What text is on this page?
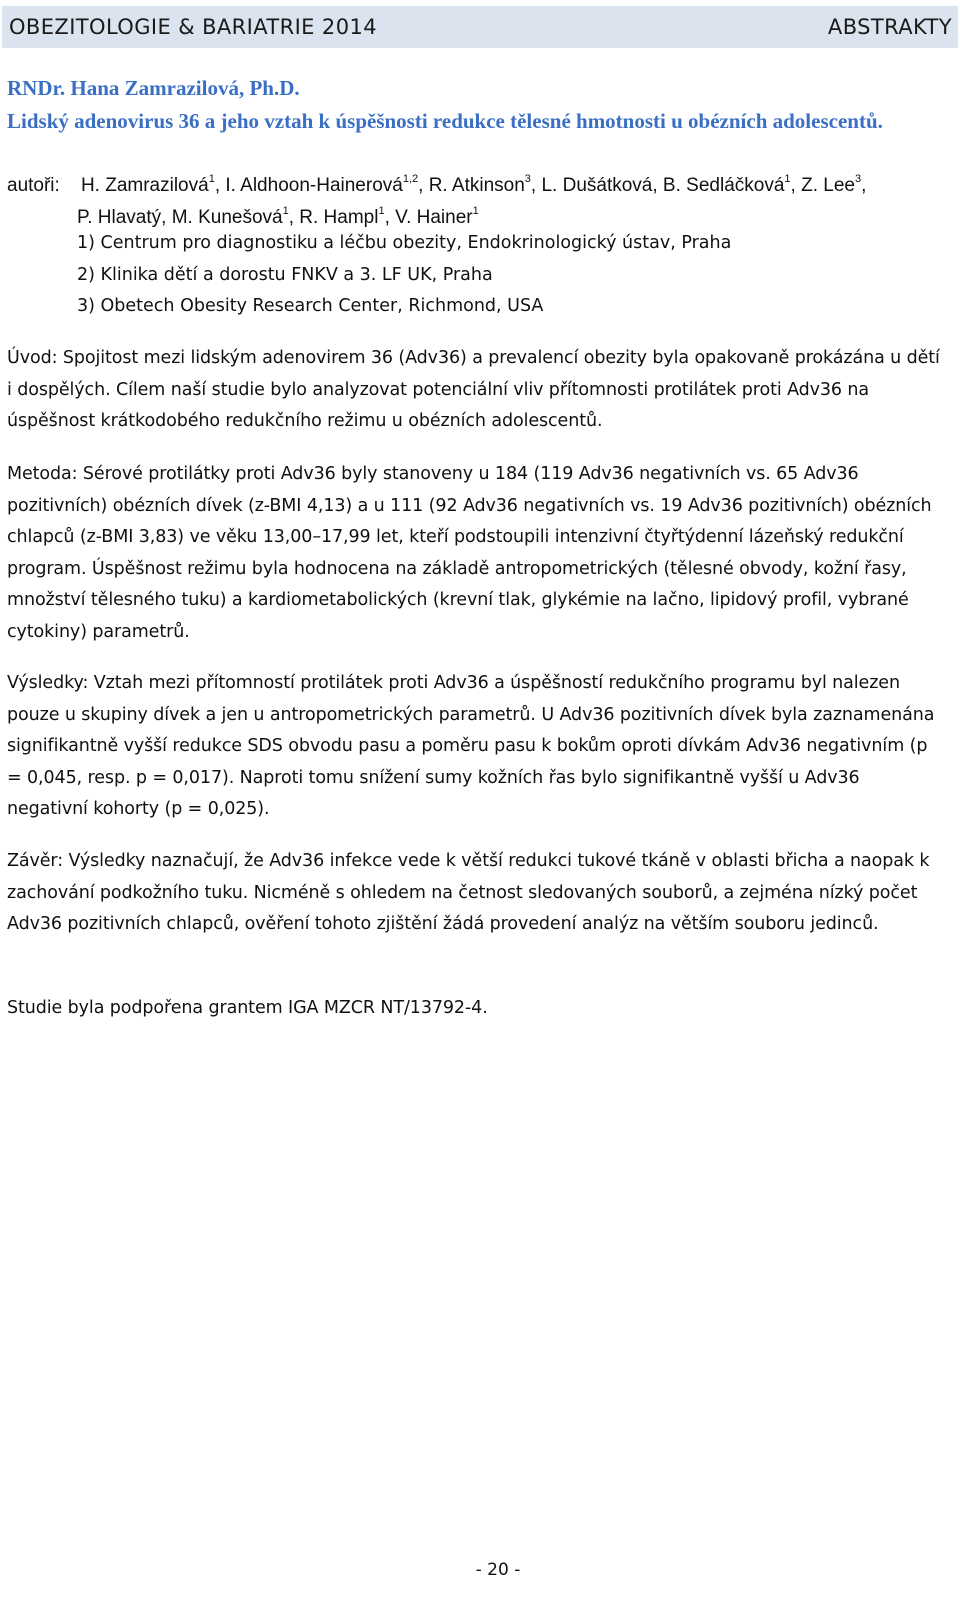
OBEZITOLOGIE & BARIATRIE 2014	ABSTRAKTY
RNDr. Hana Zamrazilová, Ph.D.
Lidský adenovirus 36 a jeho vztah k úspěšnosti redukce tělesné hmotnosti u obézních adolescentů.
autoři: H. Zamrazilová$^1$, I. Aldhoon-Hainerová$^{1,2}$, R. Atkinson$^3$, L. Dušátková, B. Sedláčková$^1$, Z. Lee$^3$,
P. Hlavatý, M. Kunešová$^1$, R. Hampl$^1$, V. Hainer$^1$
1) Centrum pro diagnostiku a léčbu obezity, Endokrinologický ústav, Praha
2) Klinika dětí a dorostu FNKV a 3. LF UK, Praha
3) Obetech Obesity Research Center, Richmond, USA
Úvod: Spojitost mezi lidským adenovirem 36 (Adv36) a prevalencí obezity byla opakovaně prokázána u dětí i dospělých. Cílem naší studie bylo analyzovat potenciální vliv přítomnosti protilátek proti Adv36 na úspěšnost krátkodobého redukčního režimu u obézních adolescentů.
Metoda: Sérové protilátky proti Adv36 byly stanoveny u 184 (119 Adv36 negativních vs. 65 Adv36 pozitivních) obézních dívek (z-BMI 4,13) a u 111 (92 Adv36 negativních vs. 19 Adv36 pozitivních) obézních chlapců (z-BMI 3,83) ve věku 13,00–17,99 let, kteří podstoupili intenzivní čtyřtýdenní lázeňský redukční program. Úspěšnost režimu byla hodnocena na základě antropometrických (tělesné obvody, kožní řasy, množství tělesného tuku) a kardiometabolických (krevní tlak, glykémie na lačno, lipidový profil, vybrané cytokiny) parametrů.
Výsledky: Vztah mezi přítomností protilátek proti Adv36 a úspěšností redukčního programu byl nalezen pouze u skupiny dívek a jen u antropometrických parametrů. U Adv36 pozitivních dívek byla zaznamenána signifikantně vyšší redukce SDS obvodu pasu a poměru pasu k bokům oproti dívkám Adv36 negativním (p = 0,045, resp. p = 0,017). Naproti tomu snížení sumy kožních řas bylo signifikantně vyšší u Adv36 negativní kohorty (p = 0,025).
Závěr: Výsledky naznačují, že Adv36 infekce vede k větší redukci tukové tkáně v oblasti břicha a naopak k zachování podkožního tuku. Nicméně s ohledem na četnost sledovaných souborů, a zejména nízký počet Adv36 pozitivních chlapců, ověření tohoto zjištění žádá provedení analýz na větším souboru jedinců.
Studie byla podpořena grantem IGA MZCR NT/13792-4.
- 20 -
